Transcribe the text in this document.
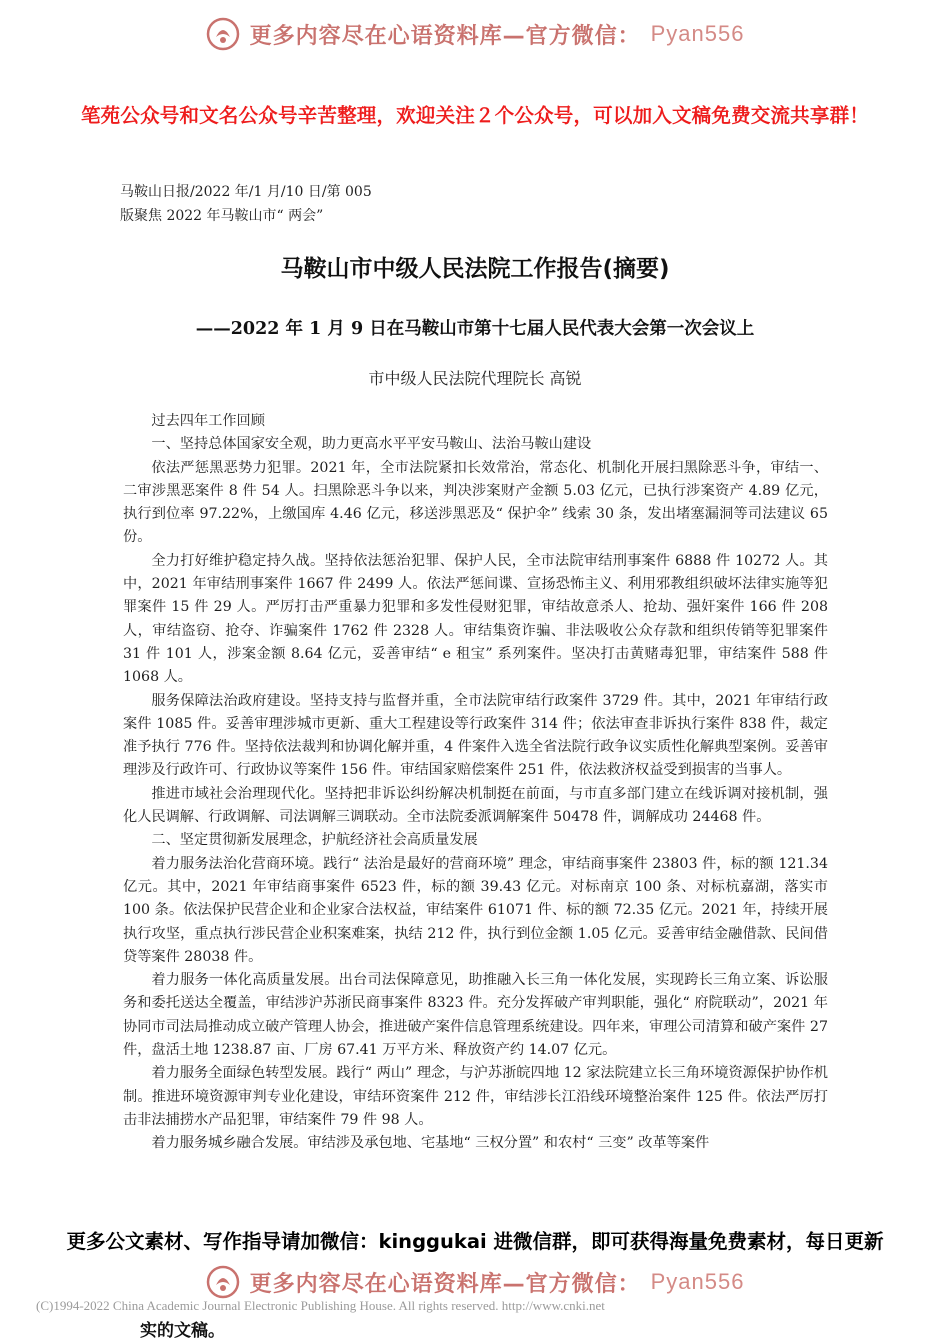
更多内容尽在心语资料库—官方微信： Pyan556
笔苑公众号和文名公众号辛苦整理，欢迎关注２个公众号，可以加入文稿免费交流共享群！
马鞍山日报/2022 年/1 月/10 日/第 005
版聚焦 2022 年马鞍山市“ 两会”
马鞍山市中级人民法院工作报告(摘要)
——2022 年 1 月 9 日在马鞍山市第十七届人民代表大会第一次会议上
市中级人民法院代理院长 高锐

过去四年工作回顾

一、坚持总体国家安全观，助力更高水平平安马鞍山、法治马鞍山建设

依法严惩黑恶势力犯罪。2021 年，全市法院紧扣长效常治，常态化、机制化开展扫黑除恶斗争，审结一、二审涉黑恶案件 8 件 54 人。扫黑除恶斗争以来，判决涉案财产金额 5.03 亿元，已执行涉案资产 4.89 亿元，执行到位率 97.22%，上缴国库 4.46 亿元，移送涉黑恶及“ 保护伞” 线索 30 条，发出堵塞漏洞等司法建议 65 份。

全力打好维护稳定持久战。坚持依法惩治犯罪、保护人民，全市法院审结刑事案件 6888 件 10272 人。其中，2021 年审结刑事案件 1667 件 2499 人。依法严惩间谍、宣扬恐怖主义、利用邪教组织破坏法律实施等犯罪案件 15 件 29 人。严厉打击严重暴力犯罪和多发性侵财犯罪，审结故意杀人、抢劫、强奸案件 166 件 208 人，审结盗窃、抢夺、诈骗案件 1762 件 2328 人。审结集资诈骗、非法吸收公众存款和组织传销等犯罪案件 31 件 101 人，涉案金额 8.64 亿元，妥善审结“ e 租宝” 系列案件。坚决打击黄赌毒犯罪，审结案件 588 件 1068 人。

服务保障法治政府建设。坚持支持与监督并重，全市法院审结行政案件 3729 件。其中，2021 年审结行政案件 1085 件。妥善审理涉城市更新、重大工程建设等行政案件 314 件；依法审查非诉执行案件 838 件，裁定准予执行 776 件。坚持依法裁判和协调化解并重，4 件案件入选全省法院行政争议实质性化解典型案例。妥善审理涉及行政许可、行政协议等案件 156 件。审结国家赔偿案件 251 件，依法救济权益受到损害的当事人。

推进市域社会治理现代化。坚持把非诉讼纠纷解决机制挺在前面，与市直多部门建立在线诉调对接机制，强化人民调解、行政调解、司法调解三调联动。全市法院委派调解案件 50478 件，调解成功 24468 件。

二、坚定贯彻新发展理念，护航经济社会高质量发展

着力服务法治化营商环境。践行“ 法治是最好的营商环境” 理念，审结商事案件 23803 件，标的额 121.34 亿元。其中，2021 年审结商事案件 6523 件，标的额 39.43 亿元。对标南京 100 条、对标杭嘉湖，落实市 100 条。依法保护民营企业和企业家合法权益，审结案件 61071 件、标的额 72.35 亿元。2021 年，持续开展执行攻坚，重点执行涉民营企业积案难案，执结 212 件，执行到位金额 1.05 亿元。妥善审结金融借款、民间借贷等案件 28038 件。

着力服务一体化高质量发展。出台司法保障意见，助推融入长三角一体化发展，实现跨长三角立案、诉讼服务和委托送达全覆盖，审结涉沪苏浙民商事案件 8323 件。充分发挥破产审判职能，强化“ 府院联动”，2021 年协同市司法局推动成立破产管理人协会，推进破产案件信息管理系统建设。四年来，审理公司清算和破产案件 27 件，盘活土地 1238.87 亩、厂房 67.41 万平方米、释放资产约 14.07 亿元。

着力服务全面绿色转型发展。践行“ 两山” 理念，与沪苏浙皖四地 12 家法院建立长三角环境资源保护协作机制。推进环境资源审判专业化建设，审结环资案件 212 件，审结涉长江沿线环境整治案件 125 件。依法严厉打击非法捕捞水产品犯罪，审结案件 79 件 98 人。

着力服务城乡融合发展。审结涉及承包地、宅基地“ 三权分置” 和农村“ 三变” 改革等案件

更多公文素材、写作指导请加微信：kinggukai 进微信群，即可获得海量免费素材，每日更新
更多内容尽在心语资料库—官方微信： Pyan556
(C)1994-2022 China Academic Journal Electronic Publishing House. All rights reserved. http://www.cnki.net
实的文稿。
